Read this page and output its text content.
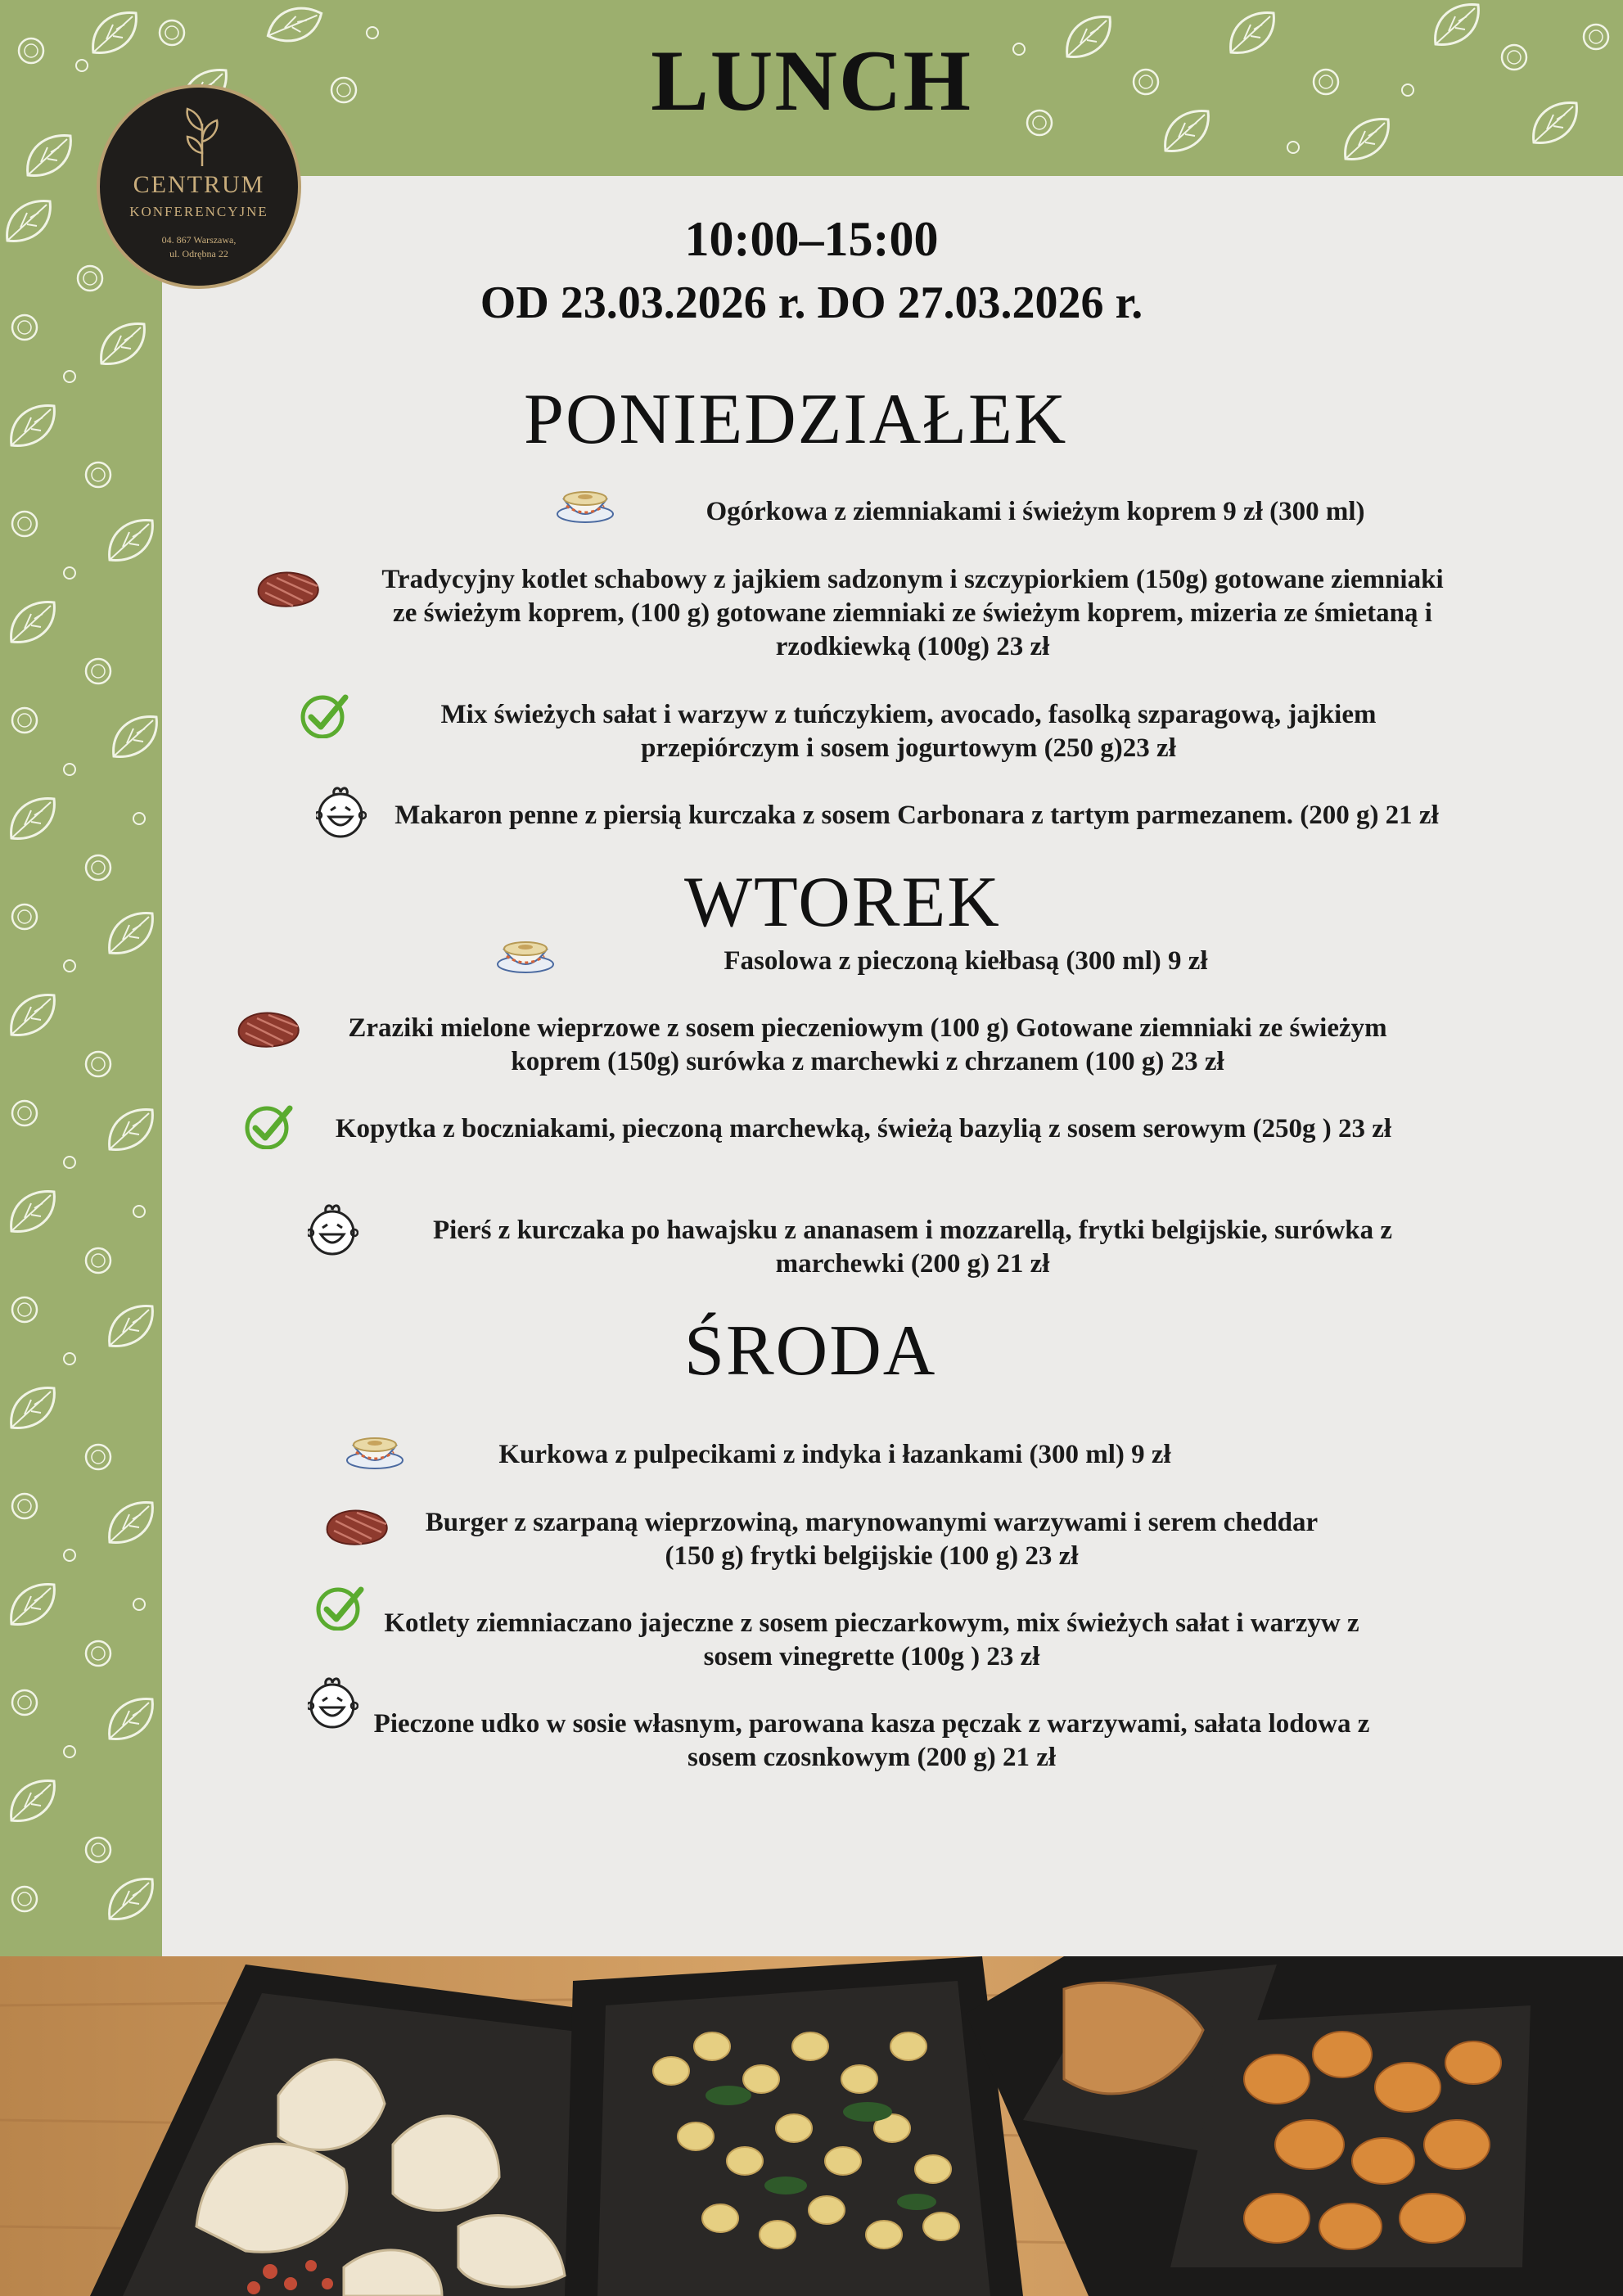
LUNCH
CENTRUM
KONFERENCYJNE
04. 867 Warszawa,
ul. Odrębna 22	10:00–15:00
OD 23.03.2026 r. DO 27.03.2026 r.
PONIEDZIAŁEK
Ogórkowa z ziemniakami i świeżym koprem 9 zł (300 ml)
Tradycyjny kotlet schabowy z jajkiem sadzonym i szczypiorkiem (150g) gotowane ziemniaki ze świeżym koprem, (100 g) gotowane ziemniaki ze świeżym koprem, mizeria ze śmietaną i rzodkiewką (100g) 23 zł
Mix świeżych sałat i warzyw z tuńczykiem, avocado, fasolką szparagową, jajkiem przepiórczym i sosem jogurtowym (250 g)23 zł
Makaron penne z piersią kurczaka z sosem Carbonara z tartym parmezanem. (200 g) 21 zł
WTOREK
Fasolowa z pieczoną kiełbasą (300 ml) 9 zł
Zraziki mielone wieprzowe z sosem pieczeniowym (100 g) Gotowane ziemniaki ze świeżym koprem (150g) surówka z marchewki z chrzanem (100 g) 23 zł
Kopytka z boczniakami, pieczoną marchewką, świeżą bazylią z sosem serowym (250g ) 23 zł
Pierś z kurczaka po hawajsku z ananasem i mozzarellą, frytki belgijskie, surówka z marchewki (200 g) 21 zł
ŚRODA
Kurkowa z pulpecikami z indyka i łazankami (300 ml) 9 zł
Burger z szarpaną wieprzowiną, marynowanymi warzywami i serem cheddar (150 g) frytki belgijskie (100 g) 23 zł
Kotlety ziemniaczano jajeczne z sosem pieczarkowym, mix świeżych sałat i warzyw z sosem vinegrette (100g ) 23 zł
Pieczone udko w sosie własnym, parowana kasza pęczak z warzywami, sałata lodowa z sosem czosnkowym (200 g) 21 zł
